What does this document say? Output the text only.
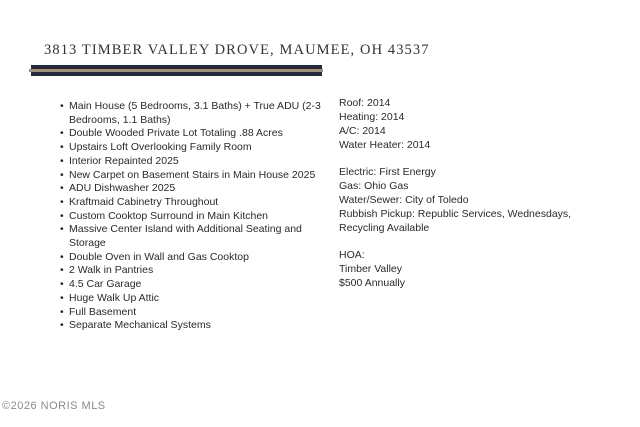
3813 TIMBER VALLEY DROVE, MAUMEE, OH 43537
• Main House (5 Bedrooms, 3.1 Baths) + True ADU (2-3 Bedrooms, 1.1 Baths)
• Double Wooded Private Lot Totaling .88 Acres
• Upstairs Loft Overlooking Family Room
• Interior Repainted 2025
• New Carpet on Basement Stairs in Main House 2025
• ADU Dishwasher 2025
• Kraftmaid Cabinetry Throughout
• Custom Cooktop Surround in Main Kitchen
• Massive Center Island with Additional Seating and Storage
• Double Oven in Wall and Gas Cooktop
• 2 Walk in Pantries
• 4.5 Car Garage
• Huge Walk Up Attic
• Full Basement
• Separate Mechanical Systems

Roof: 2014

Heating: 2014

A/C: 2014

Water Heater: 2014

Electric: First Energy

Gas: Ohio Gas

Water/Sewer: City of Toledo

Rubbish Pickup: Republic Services, Wednesdays, Recycling Available

HOA:

Timber Valley

$500 Annually

©2026 NORIS MLS
